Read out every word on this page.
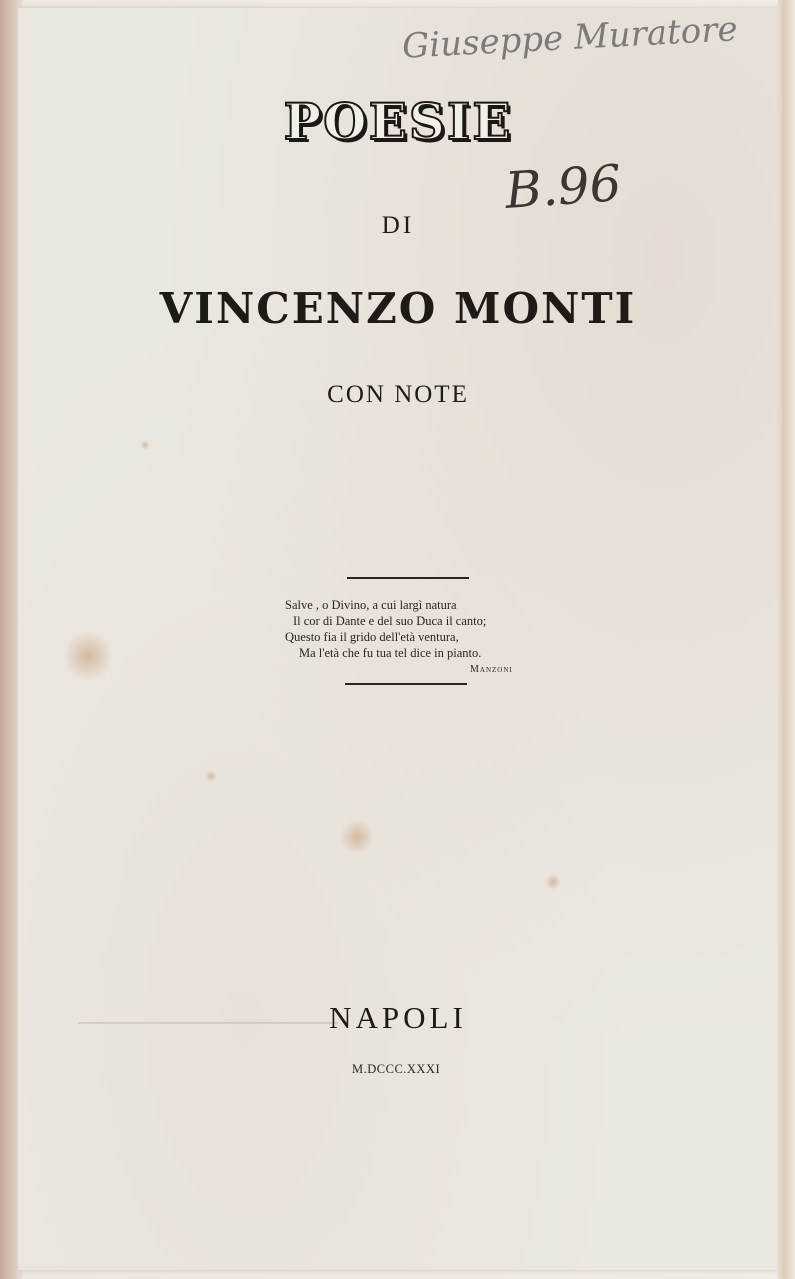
Giuseppe Muratore
B.96
POESIE
DI
VINCENZO MONTI
CON NOTE
Salve , o Divino, a cui largì natura
Il cor di Dante e del suo Duca il canto;
Questo fia il grido dell'età ventura,
Ma l'età che fu tua tel dice in pianto.
Manzoni
NAPOLI
M.DCCC.XXXI
